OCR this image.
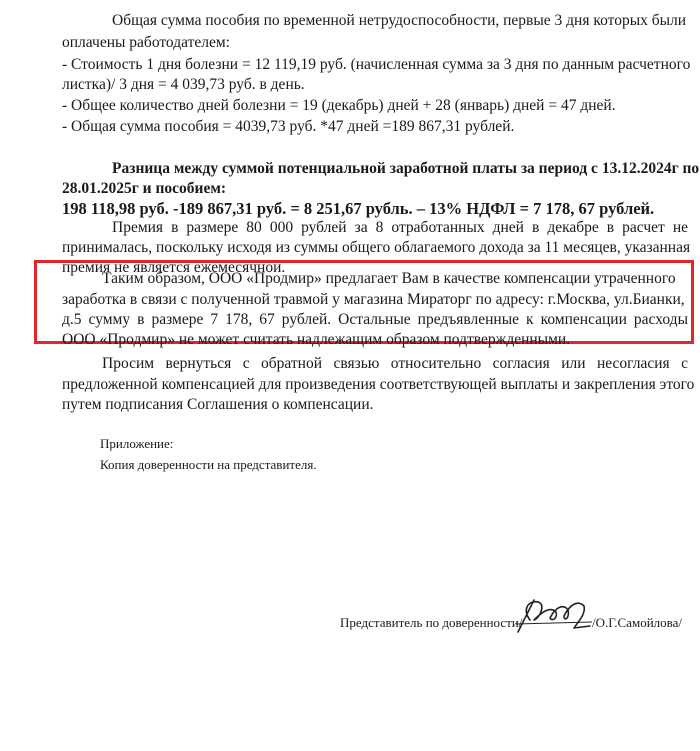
Общая сумма пособия по временной нетрудоспособности, первые 3 дня которых были
оплачены работодателем:
- Стоимость 1 дня болезни = 12 119,19 руб. (начисленная сумма за 3 дня по данным расчетного
листка)/ 3 дня = 4 039,73 руб. в день.
- Общее количество дней болезни = 19 (декабрь) дней + 28 (январь) дней = 47 дней.
- Общая сумма пособия = 4039,73 руб. *47 дней =189 867,31 рублей.
Разница между суммой потенциальной заработной платы за период с 13.12.2024г по
28.01.2025г и пособием:
198 118,98 руб. -189 867,31 руб. = 8 251,67 рубль. – 13% НДФЛ = 7 178, 67 рублей.
Премия в размере 80 000 рублей за 8 отработанных дней в декабре в расчет не
принималась, поскольку исходя из суммы общего облагаемого дохода за 11 месяцев, указанная
премия не является ежемесячной.
Таким образом, ООО «Продмир» предлагает Вам в качестве компенсации утраченного
заработка в связи с полученной травмой у магазина Мираторг по адресу: г.Москва, ул.Бианки,
д.5 сумму в размере 7 178, 67 рублей. Остальные предъявленные к компенсации расходы
ООО «Продмир» не может считать надлежащим образом подтвержденными.
Просим вернуться с обратной связью относительно согласия или несогласия с
предложенной компенсацией для произведения соответствующей выплаты и закрепления этого
путем подписания Соглашения о компенсации.
Приложение:
Копия доверенности на представителя.
Представитель по доверенности/	/О.Г.Самойлова/
